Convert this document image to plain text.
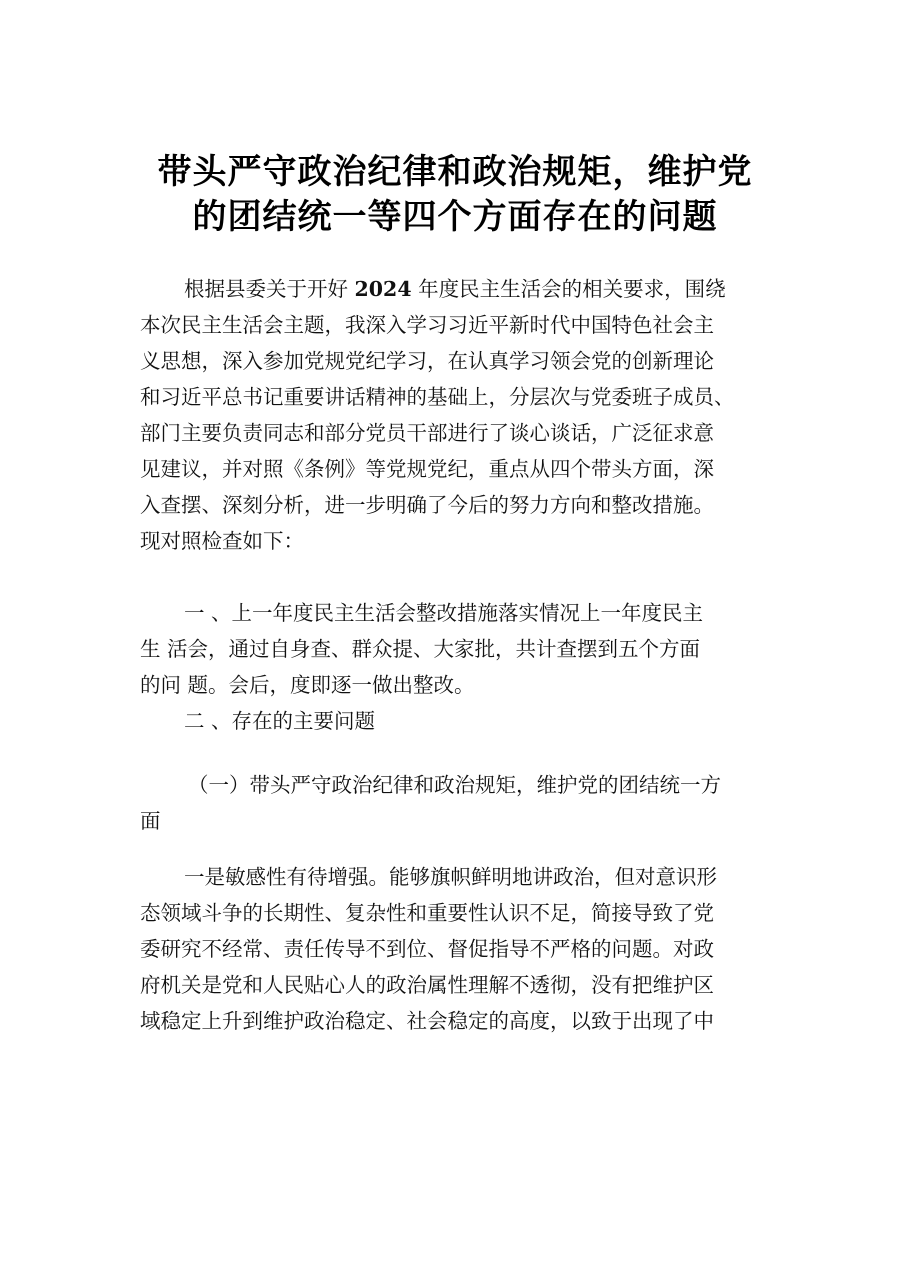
带头严守政治纪律和政治规矩，维护党
的团结统一等四个方面存在的问题
根据县委关于开好 2024 年度民主生活会的相关要求，围绕
本次民主生活会主题，我深入学习习近平新时代中国特色社会主
义思想，深入参加党规党纪学习，在认真学习领会党的创新理论
和习近平总书记重要讲话精神的基础上，分层次与党委班子成员、
部门主要负责同志和部分党员干部进行了谈心谈话，广泛征求意
见建议，并对照《条例》等党规党纪，重点从四个带头方面，深
入查摆、深刻分析，进一步明确了今后的努力方向和整改措施。
现对照检查如下：
一 、上一年度民主生活会整改措施落实情况上一年度民主
生 活会，通过自身查、群众提、大家批，共计查摆到五个方面
的问 题。会后，度即逐一做出整改。
二 、存在的主要问题
（一）带头严守政治纪律和政治规矩，维护党的团结统一方
面
一是敏感性有待增强。能够旗帜鲜明地讲政治，但对意识形
态领域斗争的长期性、复杂性和重要性认识不足，简接导致了党
委研究不经常、责任传导不到位、督促指导不严格的问题。对政
府机关是党和人民贴心人的政治属性理解不透彻，没有把维护区
域稳定上升到维护政治稳定、社会稳定的高度，以致于出现了中
